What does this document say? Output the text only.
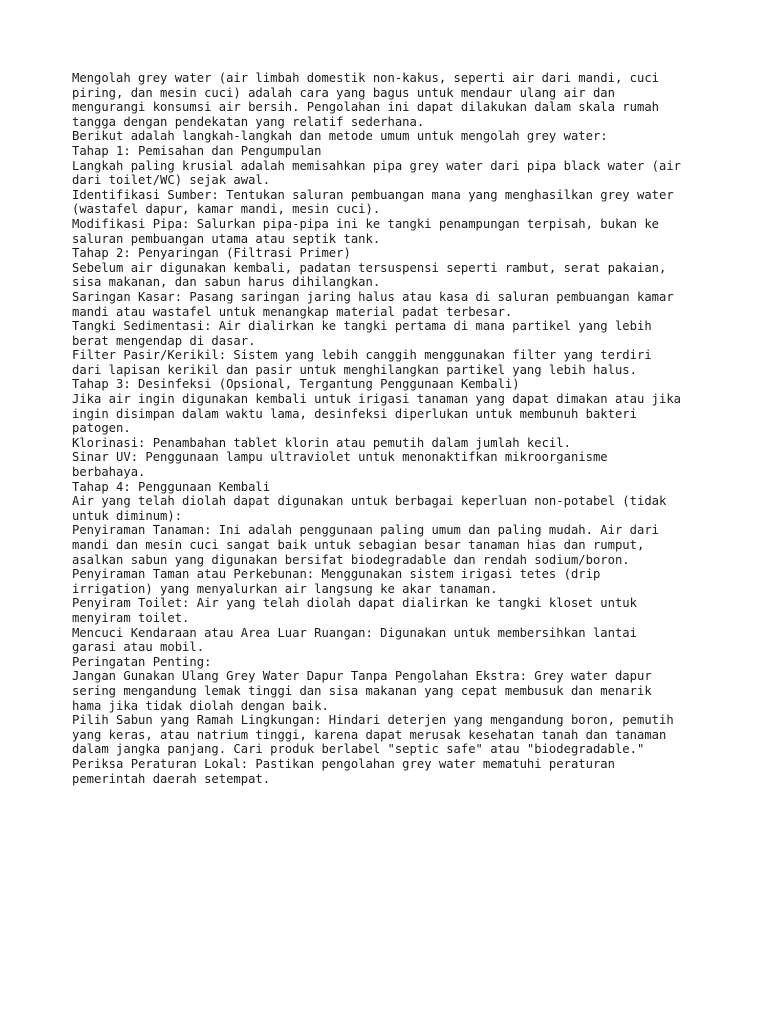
Mengolah grey water (air limbah domestik non-kakus, seperti air dari mandi, cuci
piring, dan mesin cuci) adalah cara yang bagus untuk mendaur ulang air dan
mengurangi konsumsi air bersih. Pengolahan ini dapat dilakukan dalam skala rumah
tangga dengan pendekatan yang relatif sederhana.

Berikut adalah langkah-langkah dan metode umum untuk mengolah grey water:

Tahap 1: Pemisahan dan Pengumpulan

Langkah paling krusial adalah memisahkan pipa grey water dari pipa black water (air
dari toilet/WC) sejak awal.

Identifikasi Sumber: Tentukan saluran pembuangan mana yang menghasilkan grey water
(wastafel dapur, kamar mandi, mesin cuci).

Modifikasi Pipa: Salurkan pipa-pipa ini ke tangki penampungan terpisah, bukan ke
saluran pembuangan utama atau septik tank.

Tahap 2: Penyaringan (Filtrasi Primer)

Sebelum air digunakan kembali, padatan tersuspensi seperti rambut, serat pakaian,
sisa makanan, dan sabun harus dihilangkan.

Saringan Kasar: Pasang saringan jaring halus atau kasa di saluran pembuangan kamar
mandi atau wastafel untuk menangkap material padat terbesar.

Tangki Sedimentasi: Air dialirkan ke tangki pertama di mana partikel yang lebih
berat mengendap di dasar.

Filter Pasir/Kerikil: Sistem yang lebih canggih menggunakan filter yang terdiri
dari lapisan kerikil dan pasir untuk menghilangkan partikel yang lebih halus.

Tahap 3: Desinfeksi (Opsional, Tergantung Penggunaan Kembali)

Jika air ingin digunakan kembali untuk irigasi tanaman yang dapat dimakan atau jika
ingin disimpan dalam waktu lama, desinfeksi diperlukan untuk membunuh bakteri
patogen.

Klorinasi: Penambahan tablet klorin atau pemutih dalam jumlah kecil.

Sinar UV: Penggunaan lampu ultraviolet untuk menonaktifkan mikroorganisme
berbahaya.

Tahap 4: Penggunaan Kembali

Air yang telah diolah dapat digunakan untuk berbagai keperluan non-potabel (tidak
untuk diminum):

Penyiraman Tanaman: Ini adalah penggunaan paling umum dan paling mudah. Air dari
mandi dan mesin cuci sangat baik untuk sebagian besar tanaman hias dan rumput,
asalkan sabun yang digunakan bersifat biodegradable dan rendah sodium/boron.

Penyiraman Taman atau Perkebunan: Menggunakan sistem irigasi tetes (drip
irrigation) yang menyalurkan air langsung ke akar tanaman.

Penyiram Toilet: Air yang telah diolah dapat dialirkan ke tangki kloset untuk
menyiram toilet.

Mencuci Kendaraan atau Area Luar Ruangan: Digunakan untuk membersihkan lantai
garasi atau mobil.

Peringatan Penting:

Jangan Gunakan Ulang Grey Water Dapur Tanpa Pengolahan Ekstra: Grey water dapur
sering mengandung lemak tinggi dan sisa makanan yang cepat membusuk dan menarik
hama jika tidak diolah dengan baik.

Pilih Sabun yang Ramah Lingkungan: Hindari deterjen yang mengandung boron, pemutih
yang keras, atau natrium tinggi, karena dapat merusak kesehatan tanah dan tanaman
dalam jangka panjang. Cari produk berlabel "septic safe" atau "biodegradable."

Periksa Peraturan Lokal: Pastikan pengolahan grey water mematuhi peraturan
pemerintah daerah setempat.
